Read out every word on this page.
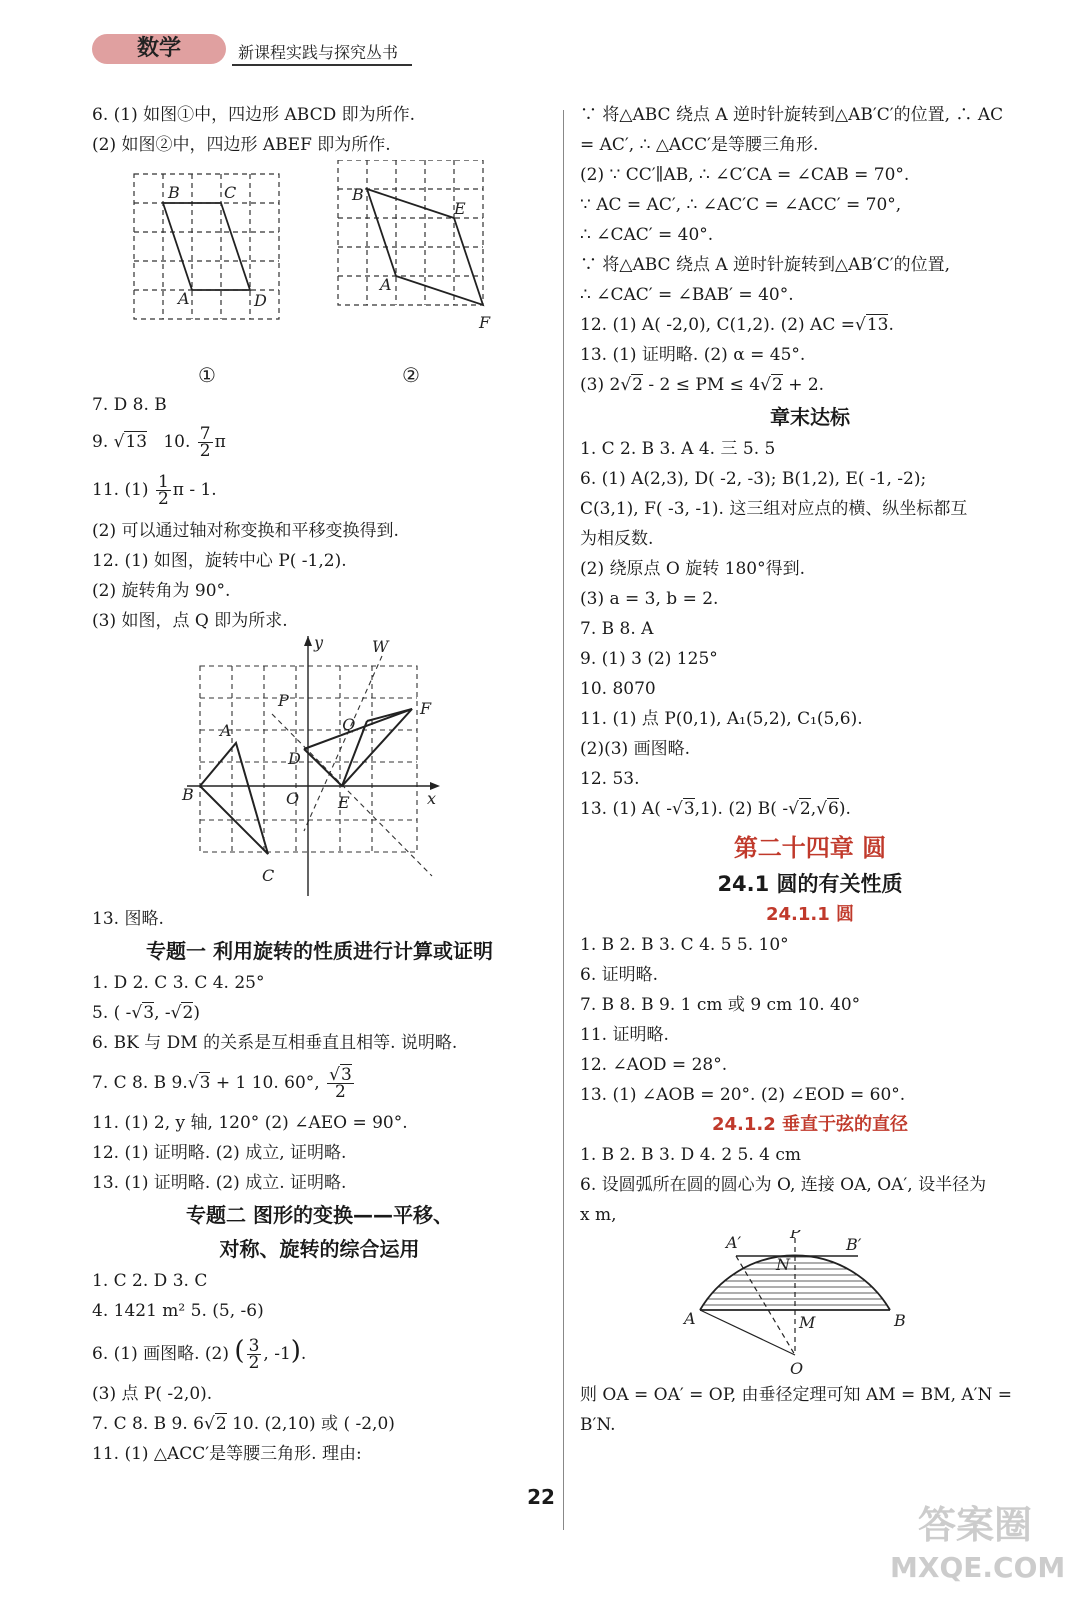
数学	新课程实践与探究丛书
6. (1) 如图①中，四边形 ABCD 即为所作.
(2) 如图②中，四边形 ABEF 即为所作.
B	C
A	D
①
B
E
A
F
②
7. D 8. B
9. √13 10. $\frac{7}{2}$ π
11. $(1) \frac{1}{2}$ π - 1.
(2) 可以通过轴对称变换和平移变换得到.
12. (1) 如图，旋转中心 P( -1,2).
(2) 旋转角为 90°.
(3) 如图，点 Q 即为所求.
y
x
W
P
Q
F
A
D
B	O E
C
13. 图略.
专题一 利用旋转的性质进行计算或证明
1. D 2. C 3. C 4. 25°
5. ( -√3, -√2)
6. BK 与 DM 的关系是互相垂直且相等. 说明略.
7. C 8. B 9.√3 + 1 10. 60°, $\frac{√3}{2}$
11. (1) 2, y 轴, 120° (2) ∠AEO = 90°.
12. (1) 证明略. (2) 成立, 证明略.
13. (1) 证明略. (2) 成立. 证明略.
专题二 图形的变换——平移、
对称、旋转的综合运用
1. C 2. D 3. C
4. 1421 m² 5. (5, -6)
6. (1) 画图略. (2) ( $\frac{3}{2}$ , -1).
(3) 点 P( -2,0).
7. C 8. B 9. 6√2 10. (2,10) 或 ( -2,0)
11. (1) △ACC′是等腰三角形. 理由:
∵ 将△ABC 绕点 A 逆时针旋转到△AB′C′的位置, ∴ AC
= AC′, ∴ △ACC′是等腰三角形.
(2) ∵ CC′∥AB, ∴ ∠C′CA = ∠CAB = 70°.
∵ AC = AC′, ∴ ∠AC′C = ∠ACC′ = 70°,
∴ ∠CAC′ = 40°.
∵ 将△ABC 绕点 A 逆时针旋转到△AB′C′的位置,
∴ ∠CAC′ = ∠BAB′ = 40°.
12. (1) A( -2,0), C(1,2). (2) AC =√13.
13. (1) 证明略. (2) α = 45°.
(3) 2√2 - 2 ≤ PM ≤ 4√2 + 2.
章末达标
1. C 2. B 3. A 4. 三 5. 5
6. (1) A(2,3), D( -2, -3); B(1,2), E( -1, -2);
C(3,1), F( -3, -1). 这三组对应点的横、纵坐标都互
为相反数.
(2) 绕原点 O 旋转 180°得到.
(3) a = 3, b = 2.
7. B 8. A
9. (1) 3 (2) 125°
10. 8070
11. (1) 点 P(0,1), A₁(5,2), C₁(5,6).
(2)(3) 画图略.
12. 53.
13. (1) A( -√3,1). (2) B( -√2,√6).
第二十四章 圆
24.1 圆的有关性质
24.1.1 圆
1. B 2. B 3. C 4. 5 5. 10°
6. 证明略.
7. B 8. B 9. 1 cm 或 9 cm 10. 40°
11. 证明略.
12. ∠AOD = 28°.
13. (1) ∠AOB = 20°. (2) ∠EOD = 60°.
24.1.2 垂直于弦的直径
1. B 2. B 3. D 4. 2 5. 4 cm
6. 设圆弧所在圆的圆心为 O, 连接 OA, OA′, 设半径为
x m,
A′
P
B′
N
A	M	B
O
则 OA = OA′ = OP, 由垂径定理可知 AM = BM, A′N =
B′N.
22
答案圈
MXQE.COM
